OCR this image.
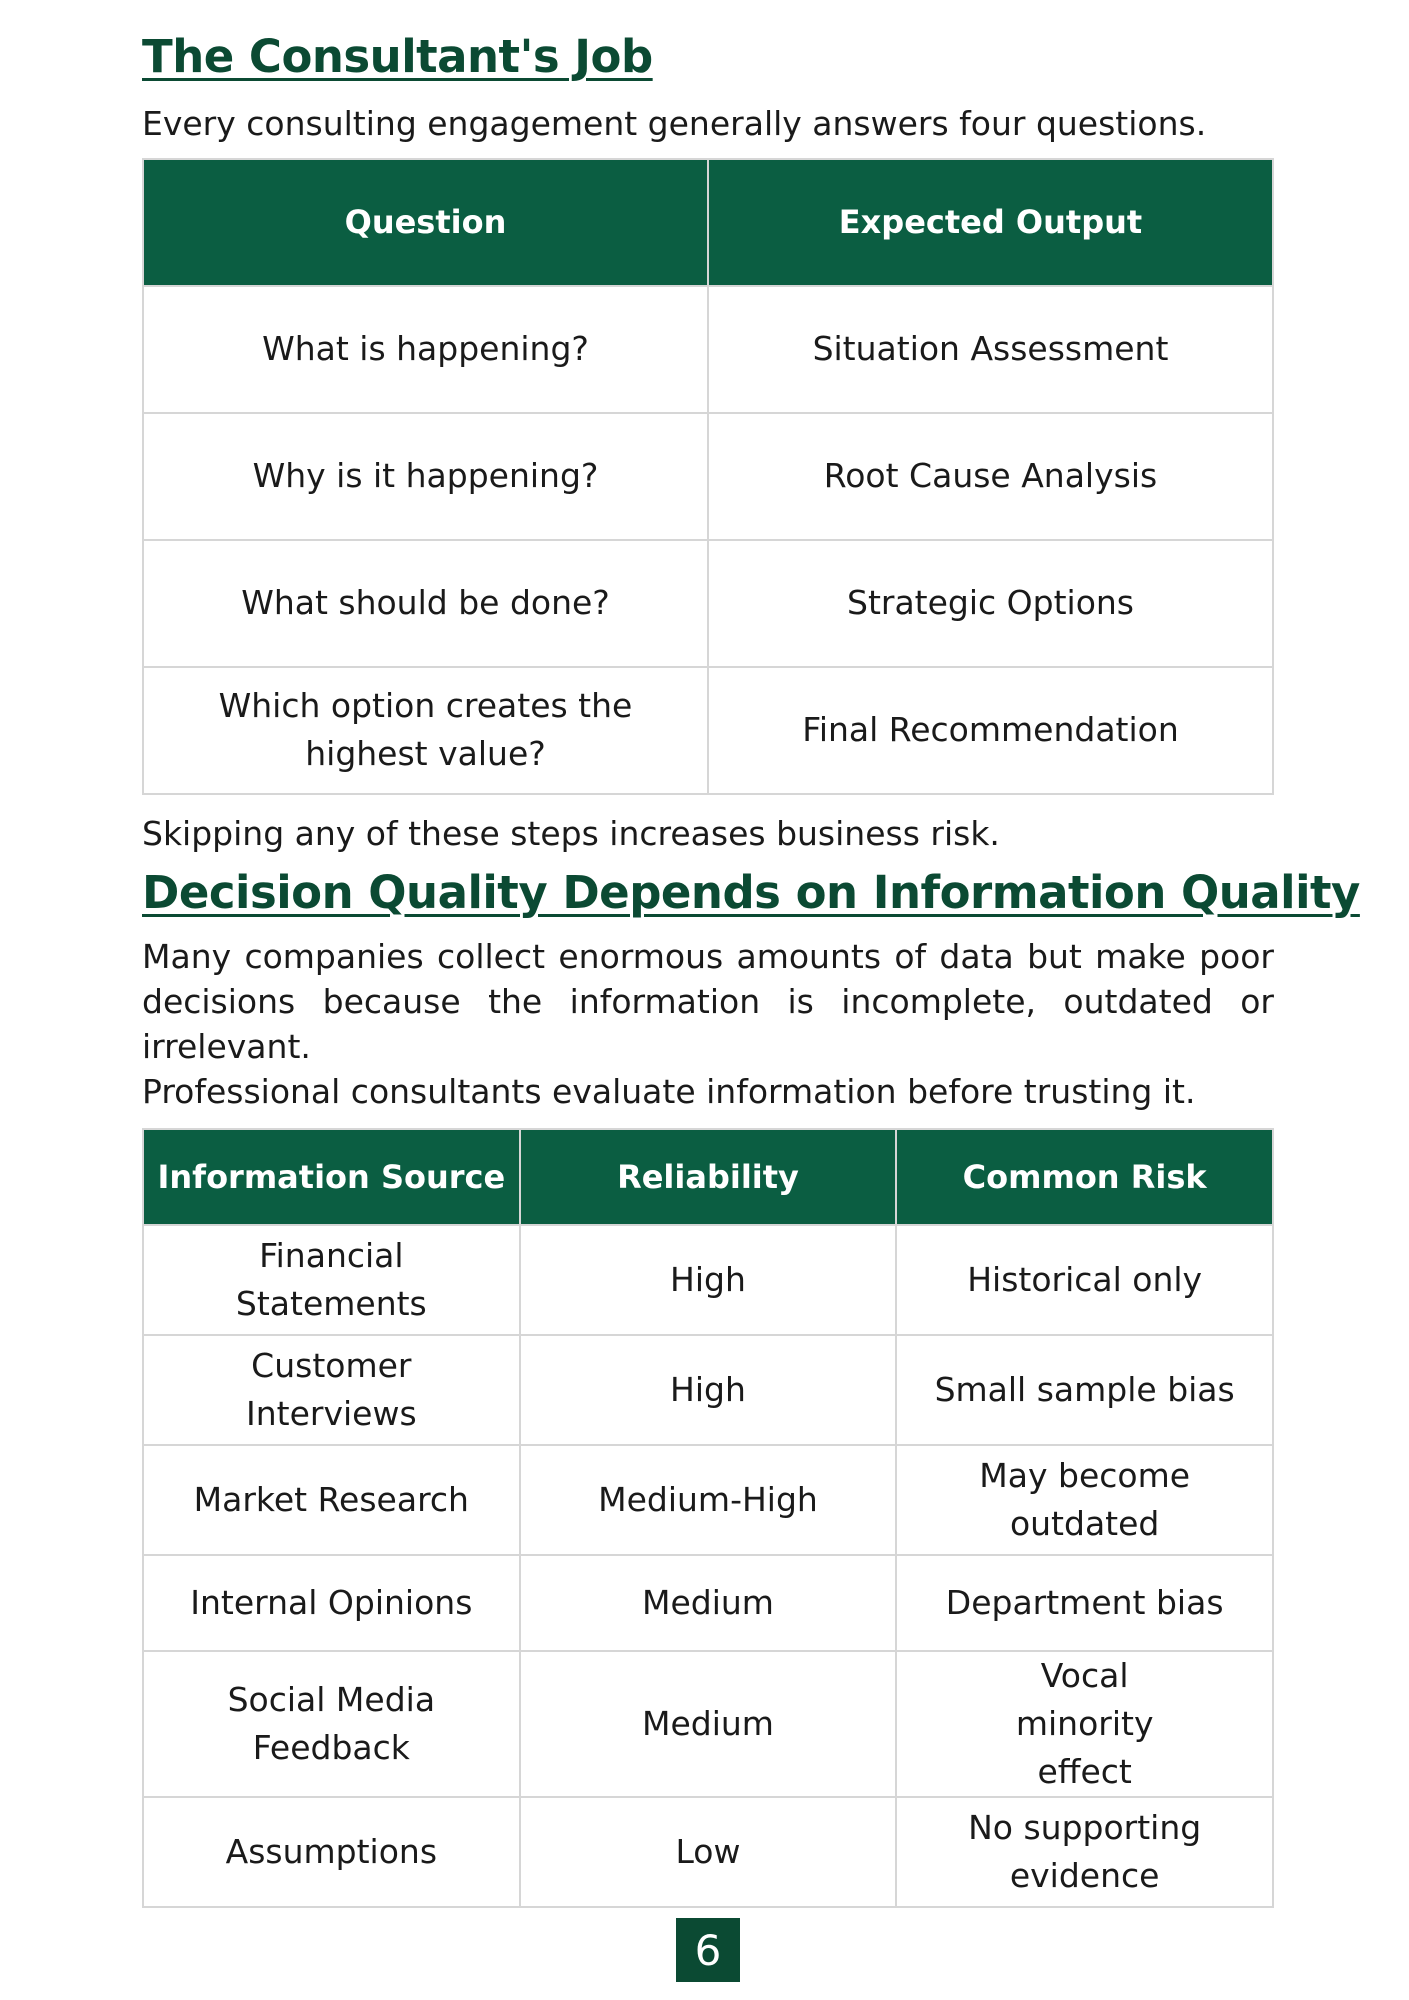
The Consultant's Job

Every consulting engagement generally answers four questions.

Question	Expected Output
What is happening?	Situation Assessment
Why is it happening?	Root Cause Analysis
What should be done?	Strategic Options
Which option creates the highest value?	Final Recommendation

Skipping any of these steps increases business risk.

Decision Quality Depends on Information Quality

Many companies collect enormous amounts of data but make poor decisions because the information is incomplete, outdated or irrelevant.

Professional consultants evaluate information before trusting it.

Information Source	Reliability	Common Risk
Financial Statements	High	Historical only
Customer Interviews	High	Small sample bias
Market Research	Medium-High	May become outdated
Internal Opinions	Medium	Department bias
Social Media Feedback	Medium	Vocal minority effect
Assumptions	Low	No supporting evidence
6
